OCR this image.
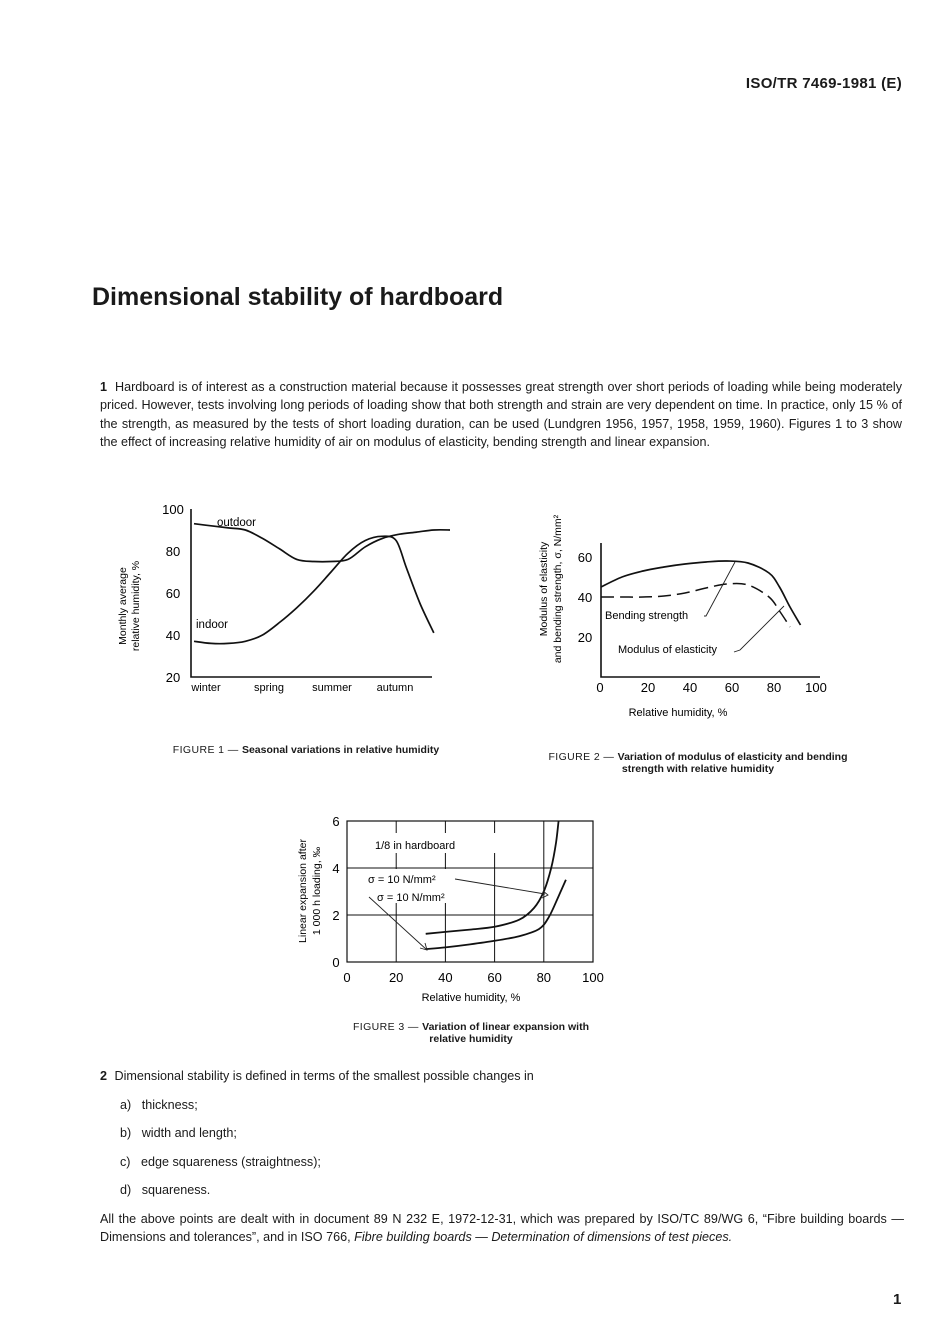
ISO/TR 7469-1981 (E)
Dimensional stability of hardboard
1 Hardboard is of interest as a construction material because it possesses great strength over short periods of loading while being moderately priced. However, tests involving long periods of loading show that both strength and strain are very dependent on time. In practice, only 15 % of the strength, as measured by the tests of short loading duration, can be used (Lundgren 1956, 1957, 1958, 1959, 1960). Figures 1 to 3 show the effect of increasing relative humidity of air on modulus of elasticity, bending strength and linear expansion.
Monthly average relative humidity, %
100
80
60
40
20
winter	spring	summer autumn
outdoor
indoor
FIGURE 1 — Seasonal variations in relative humidity
Modulus of elasticity and bending strength, σ, N/mm² 20
40
60
0	20 40 60 80 100
Bending strength
Modulus of elasticity
Relative humidity, %
FIGURE 2 — Variation of modulus of elasticity and bending
strength with relative humidity
Linear expansion after 1 000 h loading, ‰
0
2
4
6
0	20	40	60	80 100
1/8 in hardboard
σ = 10 N/mm²
σ = 10 N/mm²
Relative humidity, %
FIGURE 3 — Variation of linear expansion with
relative humidity
2 Dimensional stability is defined in terms of the smallest possible changes in
a) thickness;
b) width and length;
c) edge squareness (straightness);
d) squareness.
All the above points are dealt with in document 89 N 232 E, 1972-12-31, which was prepared by ISO/TC 89/WG 6, “Fibre building boards — Dimensions and tolerances”, and in ISO 766, Fibre building boards — Determination of dimensions of test pieces.
1
